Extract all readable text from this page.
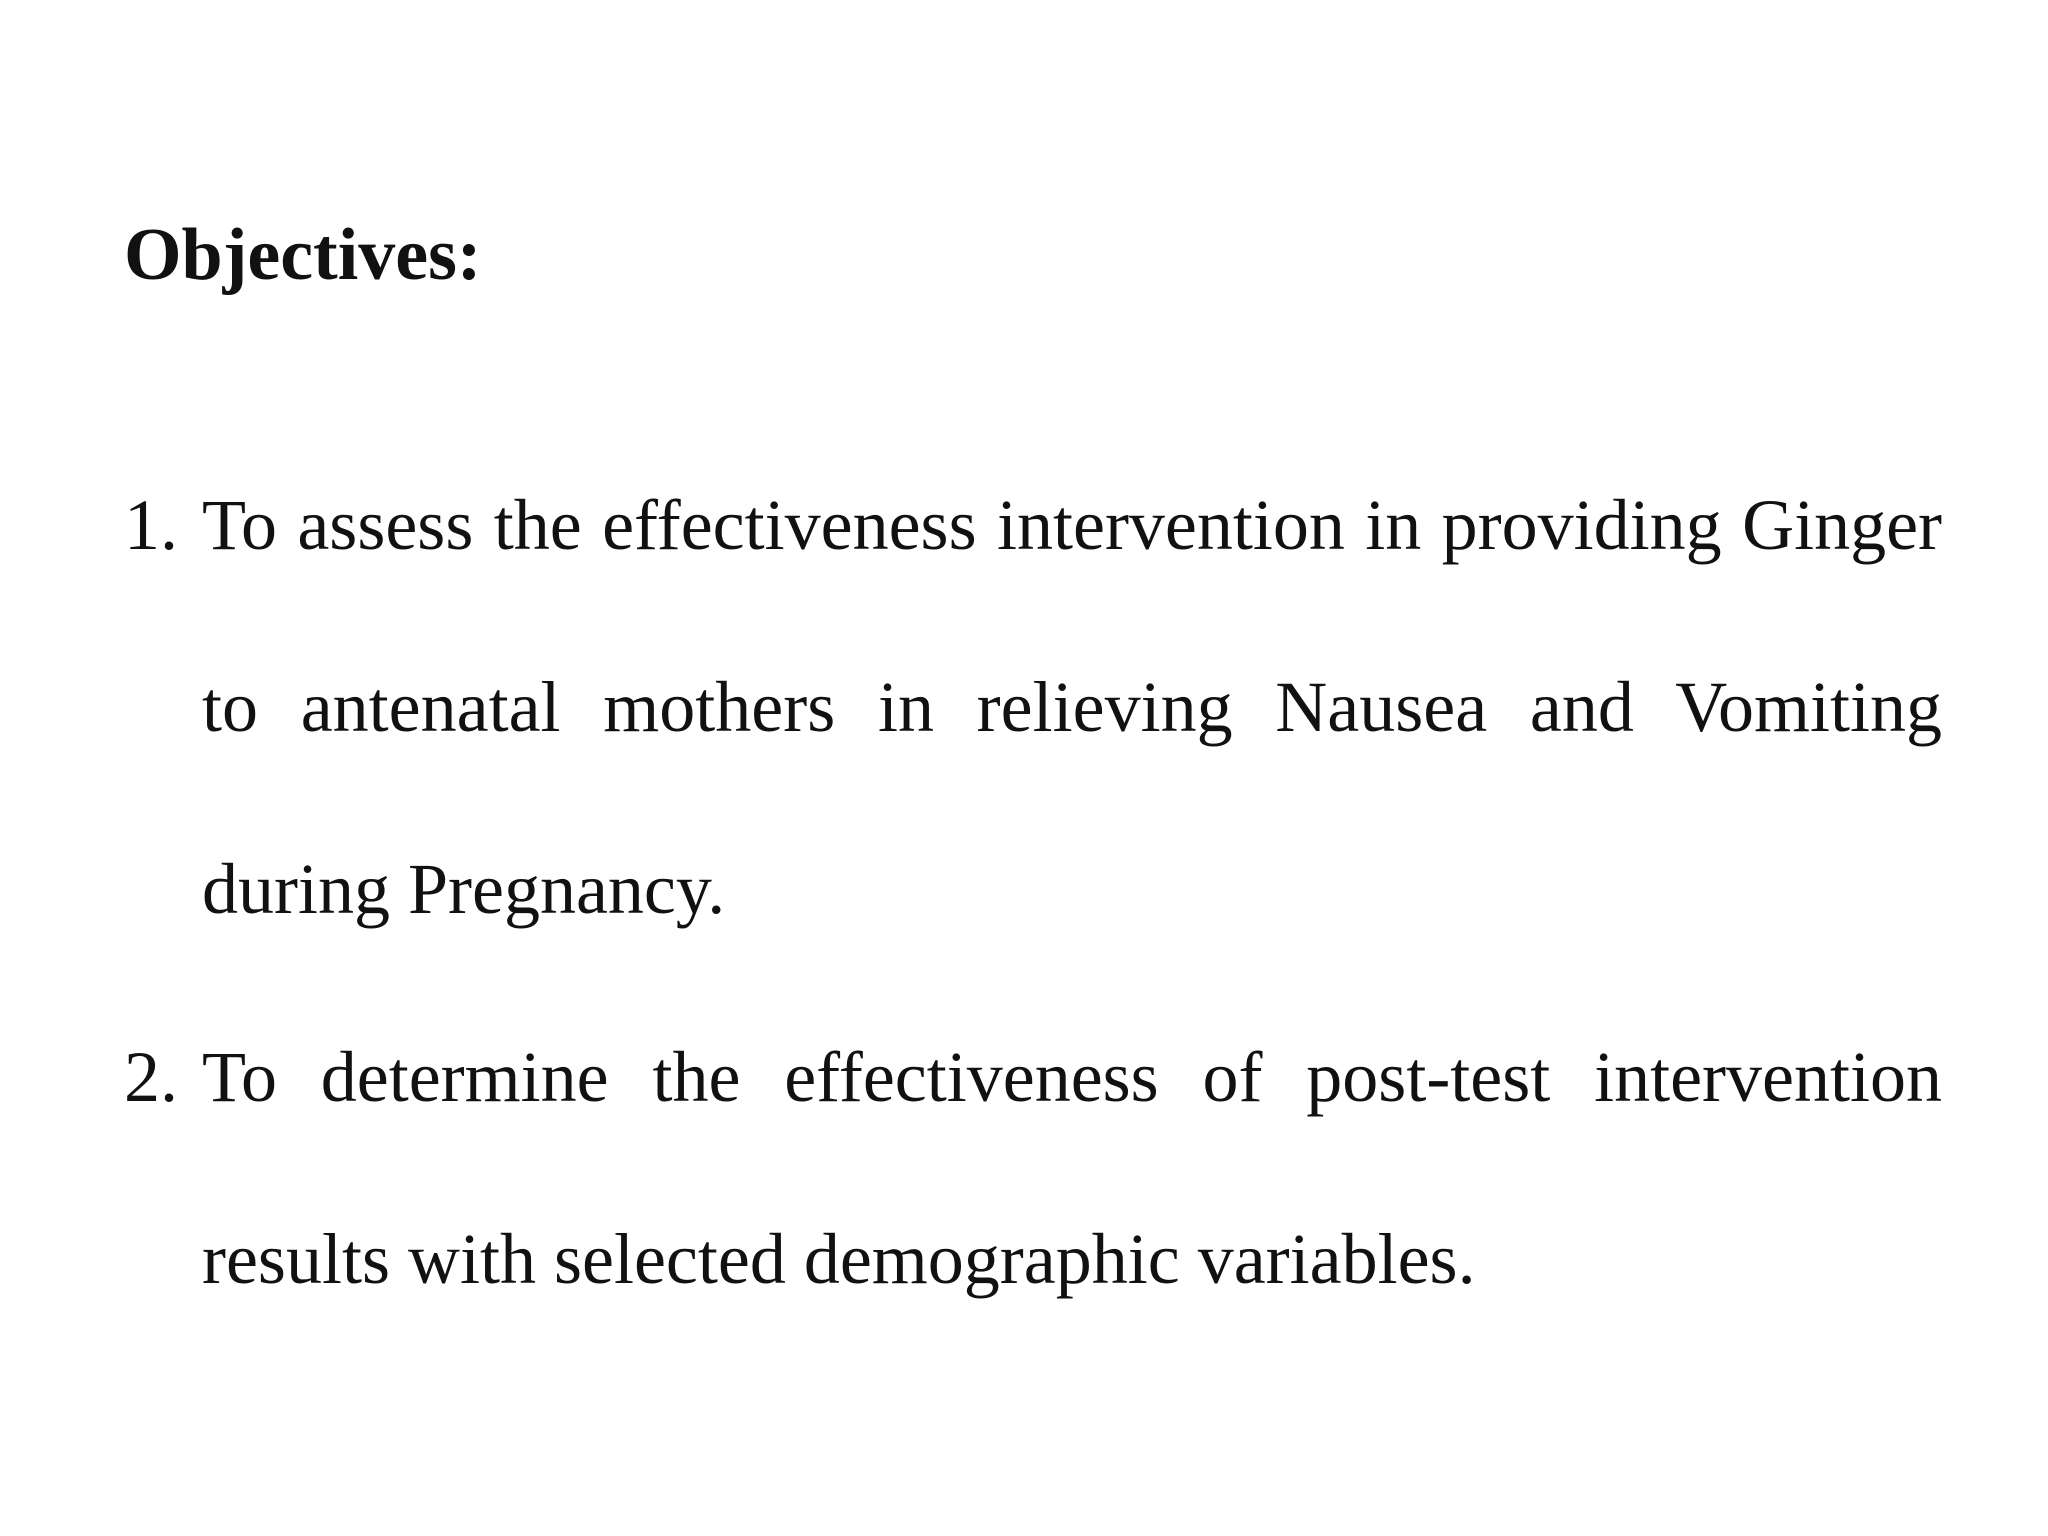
Objectives:
1. To assess the effectiveness intervention in providing Ginger to antenatal mothers in relieving Nausea and Vomiting during Pregnancy.
2. To determine the effectiveness of post-test intervention results with selected demographic variables.
